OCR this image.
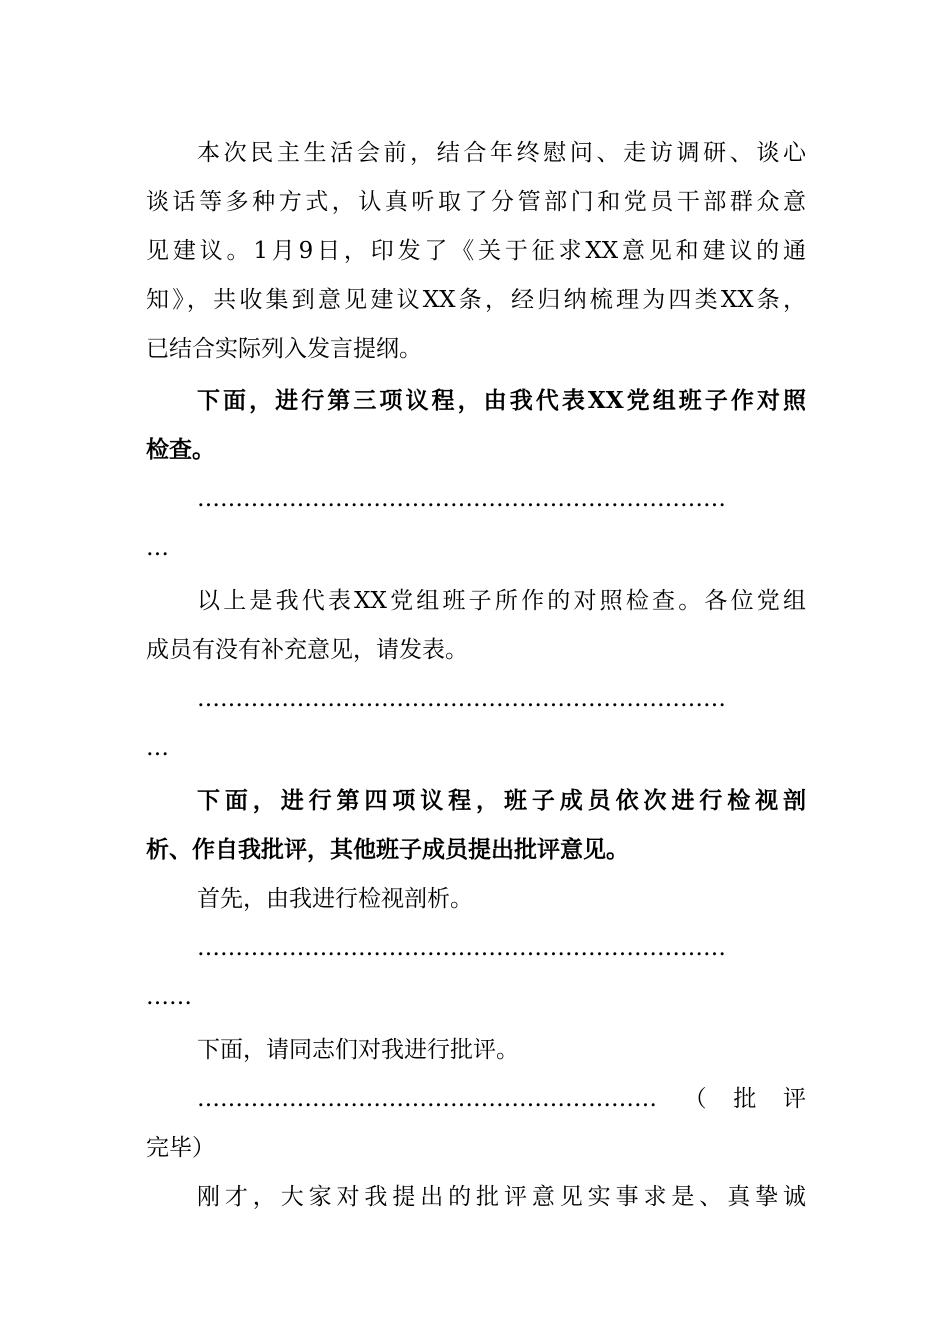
本次民主生活会前，结合年终慰问、走访调研、谈心
谈话等多种方式，认真听取了分管部门和党员干部群众意
见建议。1月9日，印发了《关于征求XX意见和建议的通
知》，共收集到意见建议XX条，经归纳梳理为四类XX条，
已结合实际列入发言提纲。
下面，进行第三项议程，由我代表XX党组班子作对照
检查。
……………………………………………………………
…
以上是我代表XX党组班子所作的对照检查。各位党组
成员有没有补充意见，请发表。
……………………………………………………………
…
下面，进行第四项议程，班子成员依次进行检视剖
析、作自我批评，其他班子成员提出批评意见。
首先，由我进行检视剖析。
……………………………………………………………
……
下面，请同志们对我进行批评。
……………………………………………………（批评
完毕）
刚才，大家对我提出的批评意见实事求是、真挚诚
